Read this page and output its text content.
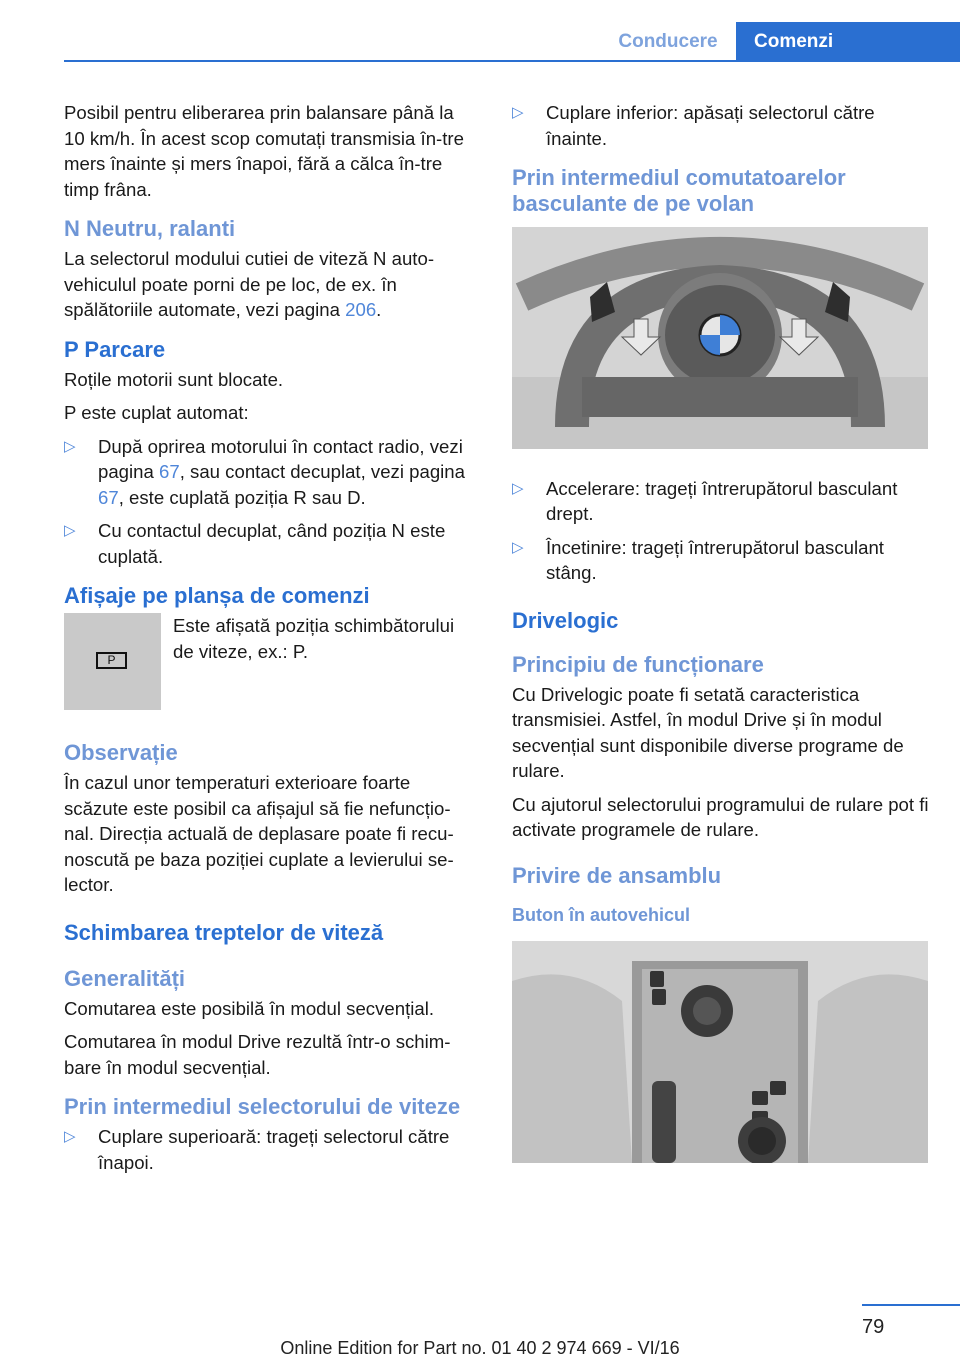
Conducere	Comenzi

Posibil pentru eliberarea prin balansare până la 10 km/h. În acest scop comutați transmisia în-tre mers înainte și mers înapoi, fără a călca în-tre timp frâna.

N Neutru, ralanti

La selectorul modului cutiei de viteză N auto-vehiculul poate porni de pe loc, de ex. în spălătoriile automate, vezi pagina 206.

P Parcare

Roțile motorii sunt blocate.

P este cuplat automat:

▷ După oprirea motorului în contact radio, vezi pagina 67, sau contact decuplat, vezi pagina 67, este cuplată poziția R sau D.
▷ Cu contactul decuplat, când poziția N este cuplată.
Afișaje pe planșa de comenzi
P
Este afișată poziția schimbătorului de viteze, ex.: P.
Observație

În cazul unor temperaturi exterioare foarte scăzute este posibil ca afișajul să fie nefuncțio-nal. Direcția actuală de deplasare poate fi recu-noscută pe baza poziției cuplate a levierului se-lector.

Schimbarea treptelor de viteză
Generalități

Comutarea este posibilă în modul secvențial.

Comutarea în modul Drive rezultă într-o schim-bare în modul secvențial.

Prin intermediul selectorului de viteze
▷ Cuplare superioară: trageți selectorul către înapoi.
▷ Cuplare inferior: apăsați selectorul către înainte.
Prin intermediul comutatoarelor basculante de pe volan
▷ Accelerare: trageți întrerupătorul basculant drept.
▷ Încetinire: trageți întrerupătorul basculant stâng.
Drivelogic
Principiu de funcționare

Cu Drivelogic poate fi setată caracteristica transmisiei. Astfel, în modul Drive și în modul secvențial sunt disponibile diverse programe de rulare.

Cu ajutorul selectorului programului de rulare pot fi activate programele de rulare.

Privire de ansamblu
Buton în autovehicul
79
Online Edition for Part no. 01 40 2 974 669 - VI/16
